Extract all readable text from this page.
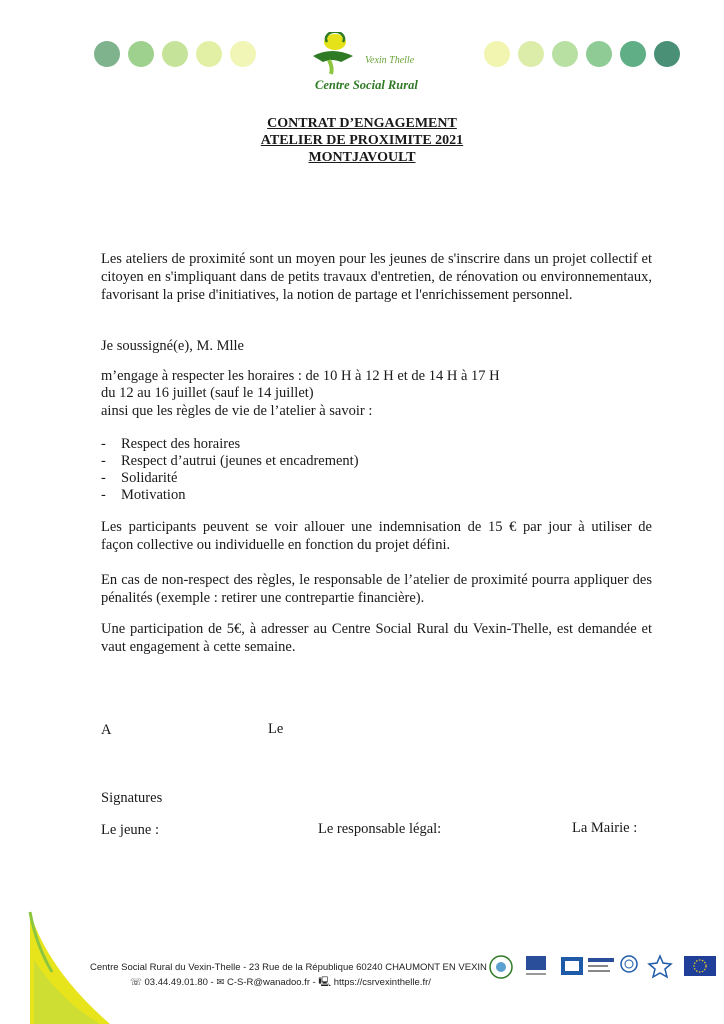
Vexin Thelle
Centre Social Rural
CONTRAT D’ENGAGEMENT
ATELIER DE PROXIMITE 2021
MONTJAVOULT
Les ateliers de proximité sont un moyen pour les jeunes de s'inscrire dans un projet collectif et
citoyen en s'impliquant dans de petits travaux d'entretien, de rénovation ou environnementaux,
favorisant la prise d'initiatives, la notion de partage et l'enrichissement personnel.
Je soussigné(e), M. Mlle
m’engage à respecter les horaires : de 10 H à 12 H et de 14 H à 17 H
du 12 au 16 juillet (sauf le 14 juillet)
ainsi que les règles de vie de l’atelier à savoir :
- Respect des horaires
- Respect d’autrui (jeunes et encadrement)
- Solidarité
- Motivation
Les participants peuvent se voir allouer une indemnisation de 15 € par jour à utiliser de
façon collective ou individuelle en fonction du projet défini.
En cas de non-respect des règles, le responsable de l’atelier de proximité pourra appliquer des
pénalités (exemple : retirer une contrepartie financière).
Une participation de 5€, à adresser au Centre Social Rural du Vexin-Thelle, est demandée et
vaut engagement à cette semaine.
A	Le
Signatures
Le jeune :	Le responsable légal:	La Mairie :
Centre Social Rural du Vexin-Thelle - 23 Rue de la République 60240 CHAUMONT EN VEXIN
☏ 03.44.49.01.80 - ✉ C-S-R@wanadoo.fr - 🖳 https://csrvexinthelle.fr/
